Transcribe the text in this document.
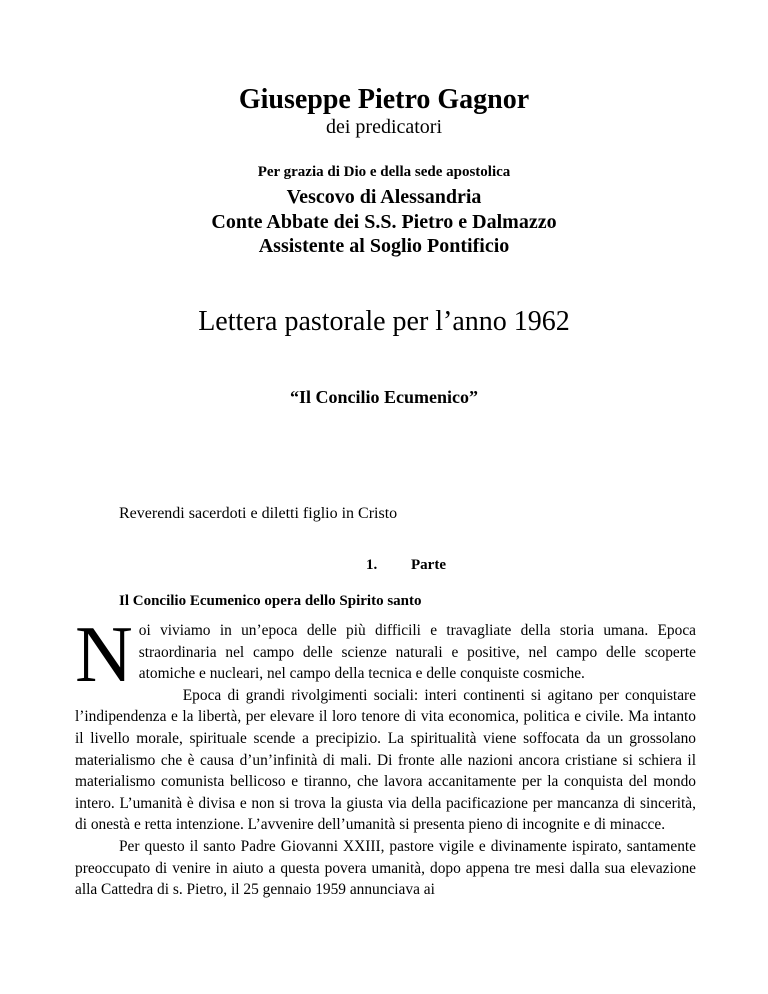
Giuseppe Pietro Gagnor
dei predicatori
Per grazia di Dio e della sede apostolica
Vescovo di Alessandria
Conte Abbate dei S.S. Pietro e Dalmazzo
Assistente al Soglio Pontificio
Lettera pastorale per l’anno 1962
“Il Concilio Ecumenico”
Reverendi sacerdoti e diletti figlio in Cristo
1. Parte
Il Concilio Ecumenico opera dello Spirito santo
N oi viviamo in un’epoca delle più difficili e travagliate della storia umana. Epoca straordinaria nel campo delle scienze naturali e positive, nel campo delle scoperte atomiche e nucleari, nel campo della tecnica e delle conquiste cosmiche.

Epoca di grandi rivolgimenti sociali: interi continenti si agitano per conquistare l’indipendenza e la libertà, per elevare il loro tenore di vita economica, politica e civile. Ma intanto il livello morale, spirituale scende a precipizio. La spiritualità viene soffocata da un grossolano materialismo che è causa d’un’infinità di mali. Di fronte alle nazioni ancora cristiane si schiera il materialismo comunista bellicoso e tiranno, che lavora accanitamente per la conquista del mondo intero. L’umanità è divisa e non si trova la giusta via della pacificazione per mancanza di sincerità, di onestà e retta intenzione. L’avvenire dell’umanità si presenta pieno di incognite e di minacce.

Per questo il santo Padre Giovanni XXIII, pastore vigile e divinamente ispirato, santamente preoccupato di venire in aiuto a questa povera umanità, dopo appena tre mesi dalla sua elevazione alla Cattedra di s. Pietro, il 25 gennaio 1959 annunciava ai
